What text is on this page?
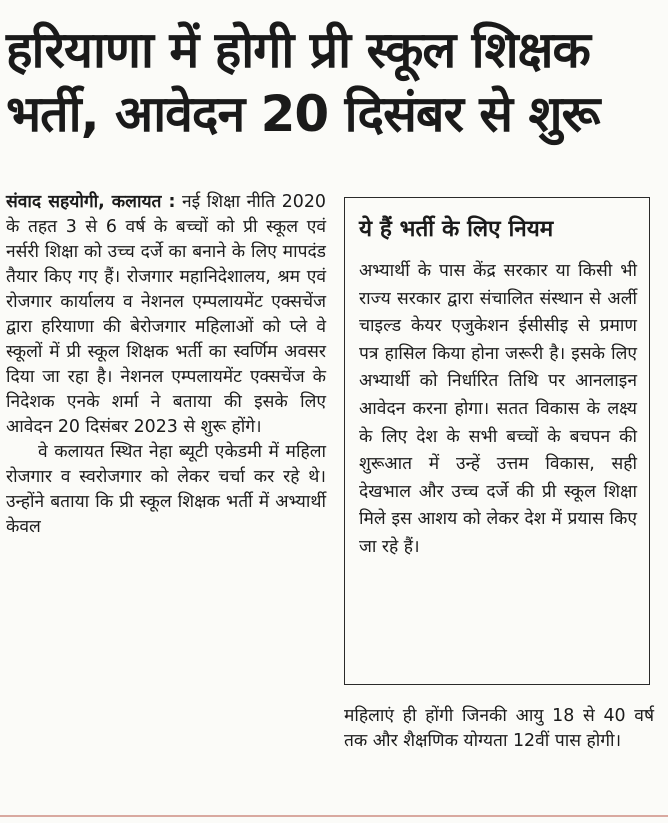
हरियाणा में होगी प्री स्कूल शिक्षक भर्ती, आवेदन 20 दिसंबर से शुरू

संवाद सहयोगी, कलायत : नई शिक्षा नीति 2020 के तहत 3 से 6 वर्ष के बच्चों को प्री स्कूल एवं नर्सरी शिक्षा को उच्च दर्जे का बनाने के लिए मापदंड तैयार किए गए हैं। रोजगार महानिदेशालय, श्रम एवं रोजगार कार्यालय व नेशनल एम्पलायमेंट एक्सचेंज द्वारा हरियाणा की बेरोजगार महिलाओं को प्ले वे स्कूलों में प्री स्कूल शिक्षक भर्ती का स्वर्णिम अवसर दिया जा रहा है। नेशनल एम्पलायमेंट एक्सचेंज के निदेशक एनके शर्मा ने बताया की इसके लिए आवेदन 20 दिसंबर 2023 से शुरू होंगे।

वे कलायत स्थित नेहा ब्यूटी एकेडमी में महिला रोजगार व स्वरोजगार को लेकर चर्चा कर रहे थे। उन्होंने बताया कि प्री स्कूल शिक्षक भर्ती में अभ्यार्थी केवल

ये हैं भर्ती के लिए नियम
अभ्यार्थी के पास केंद्र सरकार या किसी भी राज्य सरकार द्वारा संचालित संस्थान से अर्ली चाइल्ड केयर एजुकेशन ईसीसीइ से प्रमाण पत्र हासिल किया होना जरूरी है। इसके लिए अभ्यार्थी को निर्धारित तिथि पर आनलाइन आवेदन करना होगा। सतत विकास के लक्ष्य के लिए देश के सभी बच्चों के बचपन की शुरूआत में उन्हें उत्तम विकास, सही देखभाल और उच्च दर्जे की प्री स्कूल शिक्षा मिले इस आशय को लेकर देश में प्रयास किए जा रहे हैं।

महिलाएं ही होंगी जिनकी आयु 18 से 40 वर्ष तक और शैक्षणिक योग्यता 12वीं पास होगी।
